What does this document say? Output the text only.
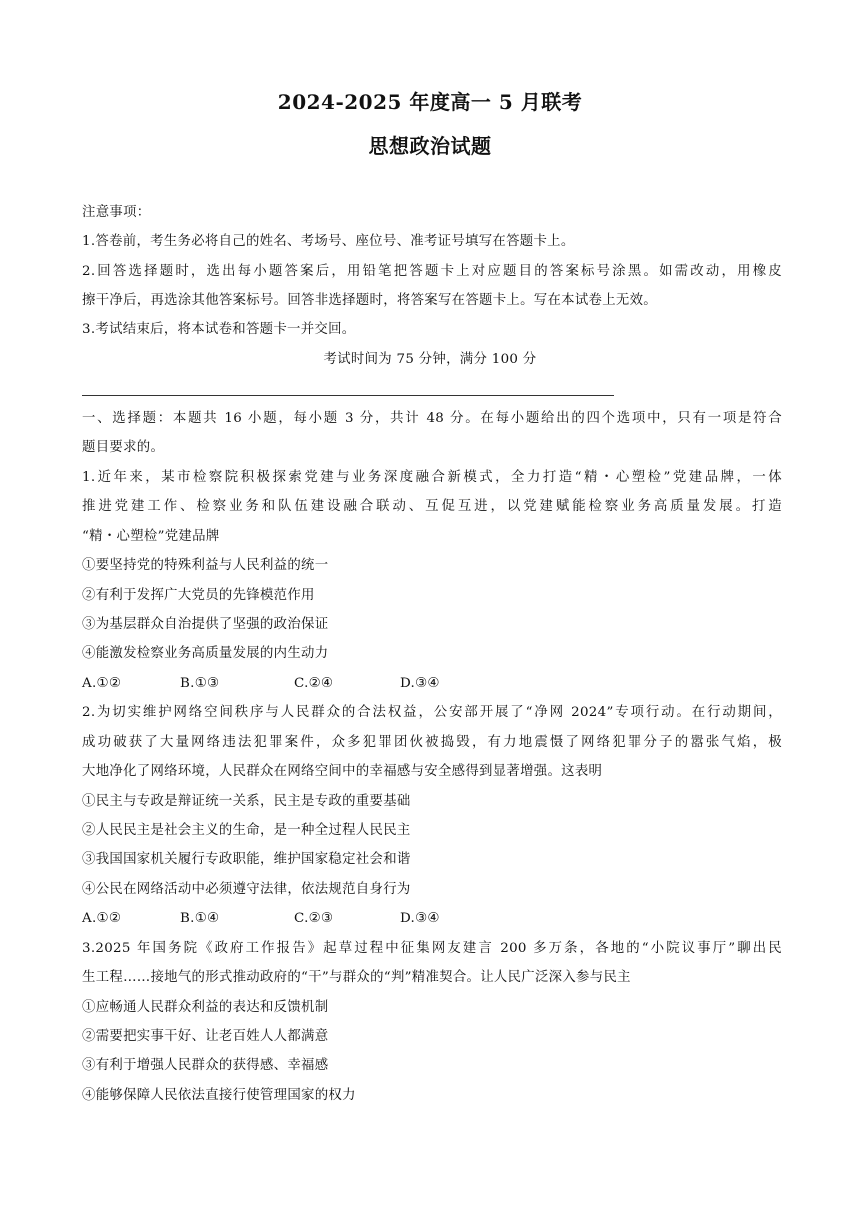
2024-2025 年度高一 5 月联考
思想政治试题
注意事项：
1.答卷前，考生务必将自己的姓名、考场号、座位号、准考证号填写在答题卡上。
2.回答选择题时，选出每小题答案后，用铅笔把答题卡上对应题目的答案标号涂黑。如需改动，用橡皮
擦干净后，再选涂其他答案标号。回答非选择题时，将答案写在答题卡上。写在本试卷上无效。
3.考试结束后，将本试卷和答题卡一并交回。
考试时间为 75 分钟，满分 100 分
一、选择题：本题共 16 小题，每小题 3 分，共计 48 分。在每小题给出的四个选项中，只有一项是符合
题目要求的。
1.近年来，某市检察院积极探索党建与业务深度融合新模式，全力打造“精・心塑检”党建品牌，一体
推进党建工作、检察业务和队伍建设融合联动、互促互进，以党建赋能检察业务高质量发展。打造
“精・心塑检”党建品牌
①要坚持党的特殊利益与人民利益的统一
②有利于发挥广大党员的先锋模范作用
③为基层群众自治提供了坚强的政治保证
④能激发检察业务高质量发展的内生动力
A.①②	B.①③	C.②④	D.③④
2.为切实维护网络空间秩序与人民群众的合法权益，公安部开展了“净网 2024”专项行动。在行动期间，
成功破获了大量网络违法犯罪案件，众多犯罪团伙被捣毁，有力地震慑了网络犯罪分子的嚣张气焰，极
大地净化了网络环境，人民群众在网络空间中的幸福感与安全感得到显著增强。这表明
①民主与专政是辩证统一关系，民主是专政的重要基础
②人民民主是社会主义的生命，是一种全过程人民民主
③我国国家机关履行专政职能，维护国家稳定社会和谐
④公民在网络活动中必须遵守法律，依法规范自身行为
A.①②	B.①④	C.②③	D.③④
3.2025 年国务院《政府工作报告》起草过程中征集网友建言 200 多万条，各地的“小院议事厅”聊出民
生工程……接地气的形式推动政府的“干”与群众的“判”精准契合。让人民广泛深入参与民主
①应畅通人民群众利益的表达和反馈机制
②需要把实事干好、让老百姓人人都满意
③有利于增强人民群众的获得感、幸福感
④能够保障人民依法直接行使管理国家的权力
